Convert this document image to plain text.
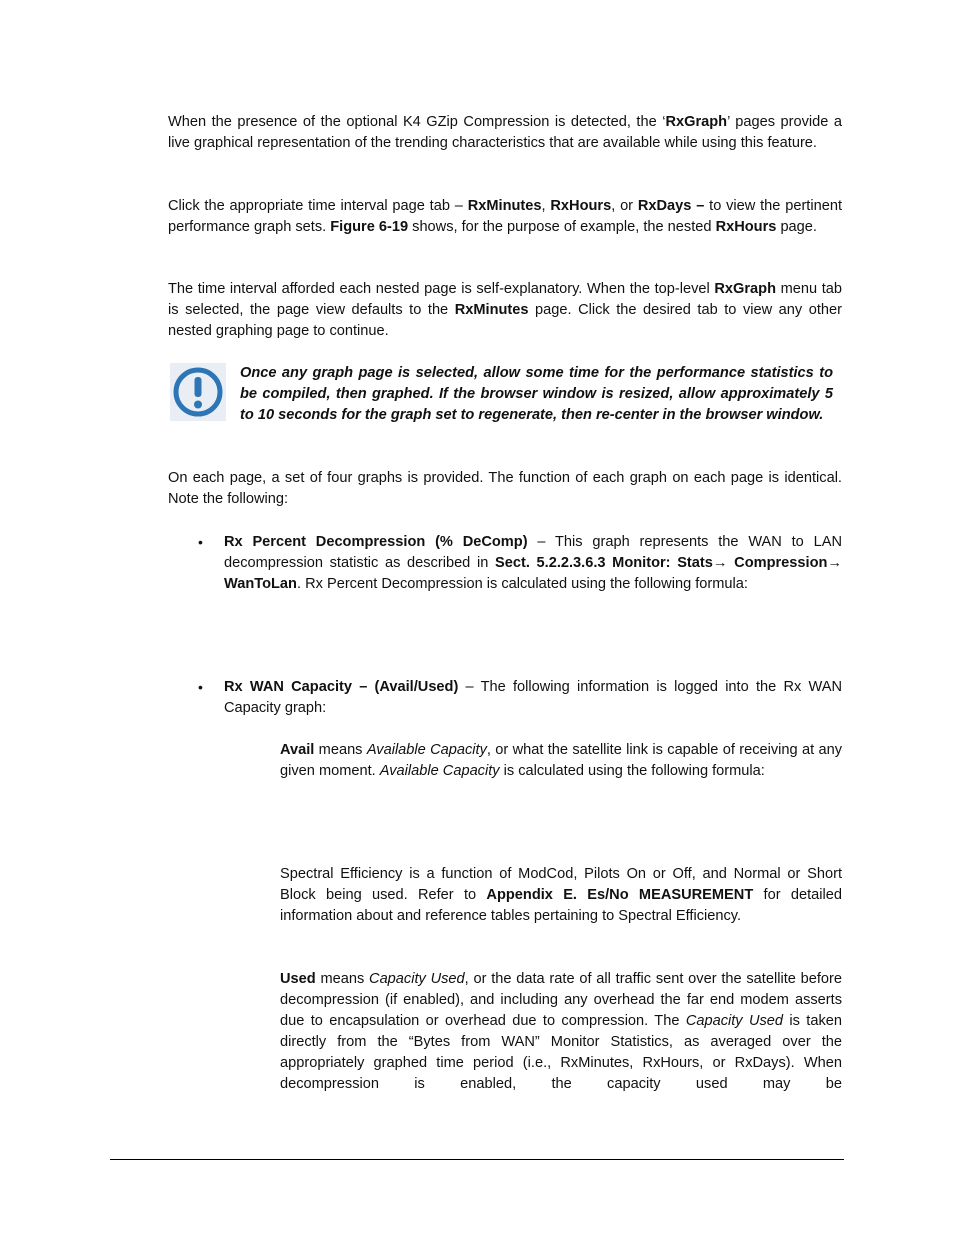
When the presence of the optional K4 GZip Compression is detected, the ‘RxGraph’ pages provide a live graphical representation of the trending characteristics that are available while using this feature.

Click the appropriate time interval page tab – RxMinutes, RxHours, or RxDays – to view the pertinent performance graph sets. Figure 6-19 shows, for the purpose of example, the nested RxHours page.

The time interval afforded each nested page is self-explanatory. When the top-level RxGraph menu tab is selected, the page view defaults to the RxMinutes page. Click the desired tab to view any other nested graphing page to continue.

Once any graph page is selected, allow some time for the performance statistics to be compiled, then graphed. If the browser window is resized, allow approximately 5 to 10 seconds for the graph set to regenerate, then re-center in the browser window.

On each page, a set of four graphs is provided. The function of each graph on each page is identical. Note the following:

• Rx Percent Decompression (% DeComp) – This graph represents the WAN to LAN decompression statistic as described in Sect. 5.2.2.3.6.3 Monitor: Stats→ Compression→ WanToLan. Rx Percent Decompression is calculated using the following formula:

• Rx WAN Capacity – (Avail/Used) – The following information is logged into the Rx WAN Capacity graph:

Avail means Available Capacity, or what the satellite link is capable of receiving at any given moment. Available Capacity is calculated using the following formula:

Spectral Efficiency is a function of ModCod, Pilots On or Off, and Normal or Short Block being used. Refer to Appendix E. Es/No MEASUREMENT for detailed information about and reference tables pertaining to Spectral Efficiency.

Used means Capacity Used, or the data rate of all traffic sent over the satellite before decompression (if enabled), and including any overhead the far end modem asserts due to encapsulation or overhead due to compression. The Capacity Used is taken directly from the “Bytes from WAN” Monitor Statistics, as averaged over the appropriately graphed time period (i.e., RxMinutes, RxHours, or RxDays). When decompression is enabled, the capacity used may be
